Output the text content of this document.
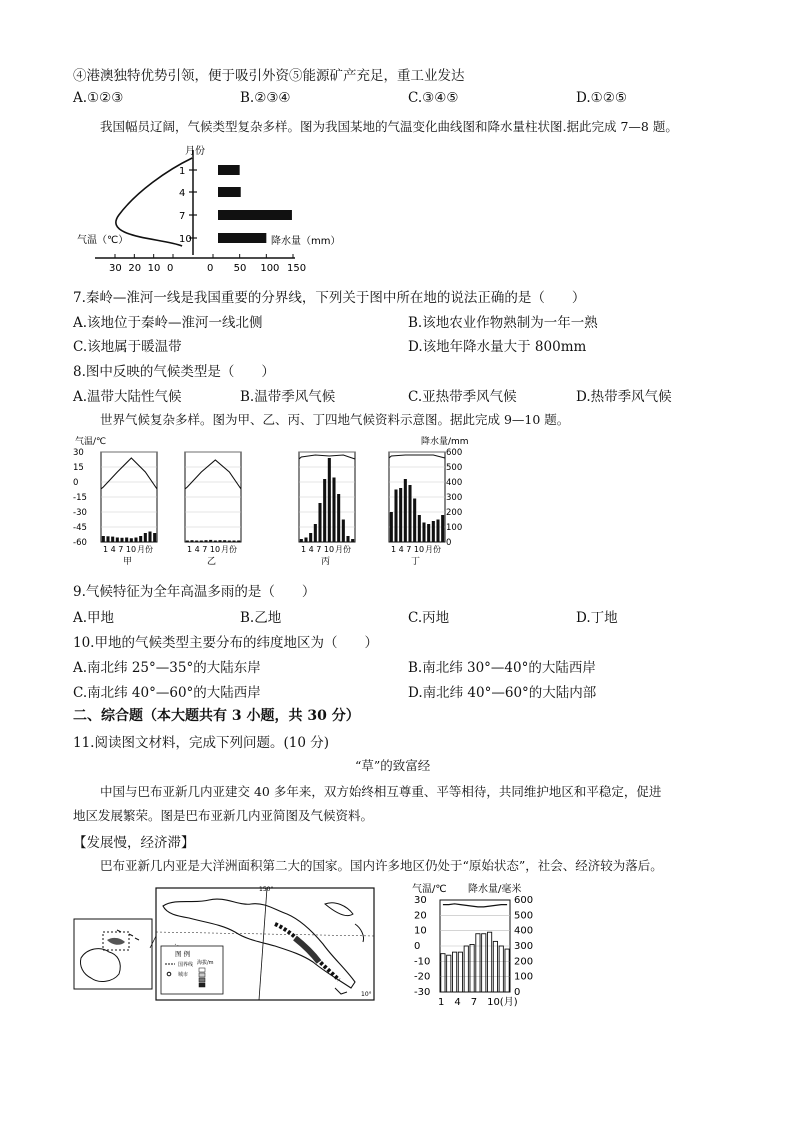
④港澳独特优势引领，便于吸引外资⑤能源矿产充足，重工业发达
A.①②③	B.②③④	C.③④⑤	D.①②⑤
我国幅员辽阔，气候类型复杂多样。图为我国某地的气温变化曲线图和降水量柱状图.据此完成 7—8 题。
月份
1
4
7
10
0 50 100 150
30 20 10 0
气温（℃）	降水量（mm）
7.秦岭—淮河一线是我国重要的分界线，下列关于图中所在地的说法正确的是（　　）
A.该地位于秦岭—淮河一线北侧	B.该地农业作物熟制为一年一熟
C.该地属于暖温带	D.该地年降水量大于 800mm
8.图中反映的气候类型是（　　）
A.温带大陆性气候	B.温带季风气候	C.亚热带季风气候	D.热带季风气候
世界气候复杂多样。图为甲、乙、丙、丁四地气候资料示意图。据此完成 9—10 题。
气温/℃	降水量/mm
30
15
0
-15
-30
-45
-60
600
500
400
300
200
100
0
1 4 7 10 月份
甲
1 4 7 10 月份
乙
1 4 7 10 月份
丙
1 4 7 10 月份
丁
9.气候特征为全年高温多雨的是（　　）
A.甲地	B.乙地	C.丙地	D.丁地
10.甲地的气候类型主要分布的纬度地区为（　　）
A.南北纬 25°—35°的大陆东岸	B.南北纬 30°—40°的大陆西岸
C.南北纬 40°—60°的大陆西岸	D.南北纬 40°—60°的大陆内部
二、综合题（本大题共有 3 小题，共 30 分）
11.阅读图文材料，完成下列问题。(10 分)
“草”的致富经
中国与巴布亚新几内亚建交 40 多年来，双方始终相互尊重、平等相待，共同维护地区和平稳定，促进
地区发展繁荣。图是巴布亚新几内亚简图及气候资料。
【发展慢，经济滞】
巴布亚新几内亚是大洋洲面积第二大的国家。国内许多地区仍处于“原始状态”，社会、经济较为落后。
150°
图 例
国界线
城市
海拔/m
10°
气温/℃ 降水量/毫米
30
20
10
0
-10
-20
-30
600
500
400
300
200
100
0
1　4　7　10(月)
